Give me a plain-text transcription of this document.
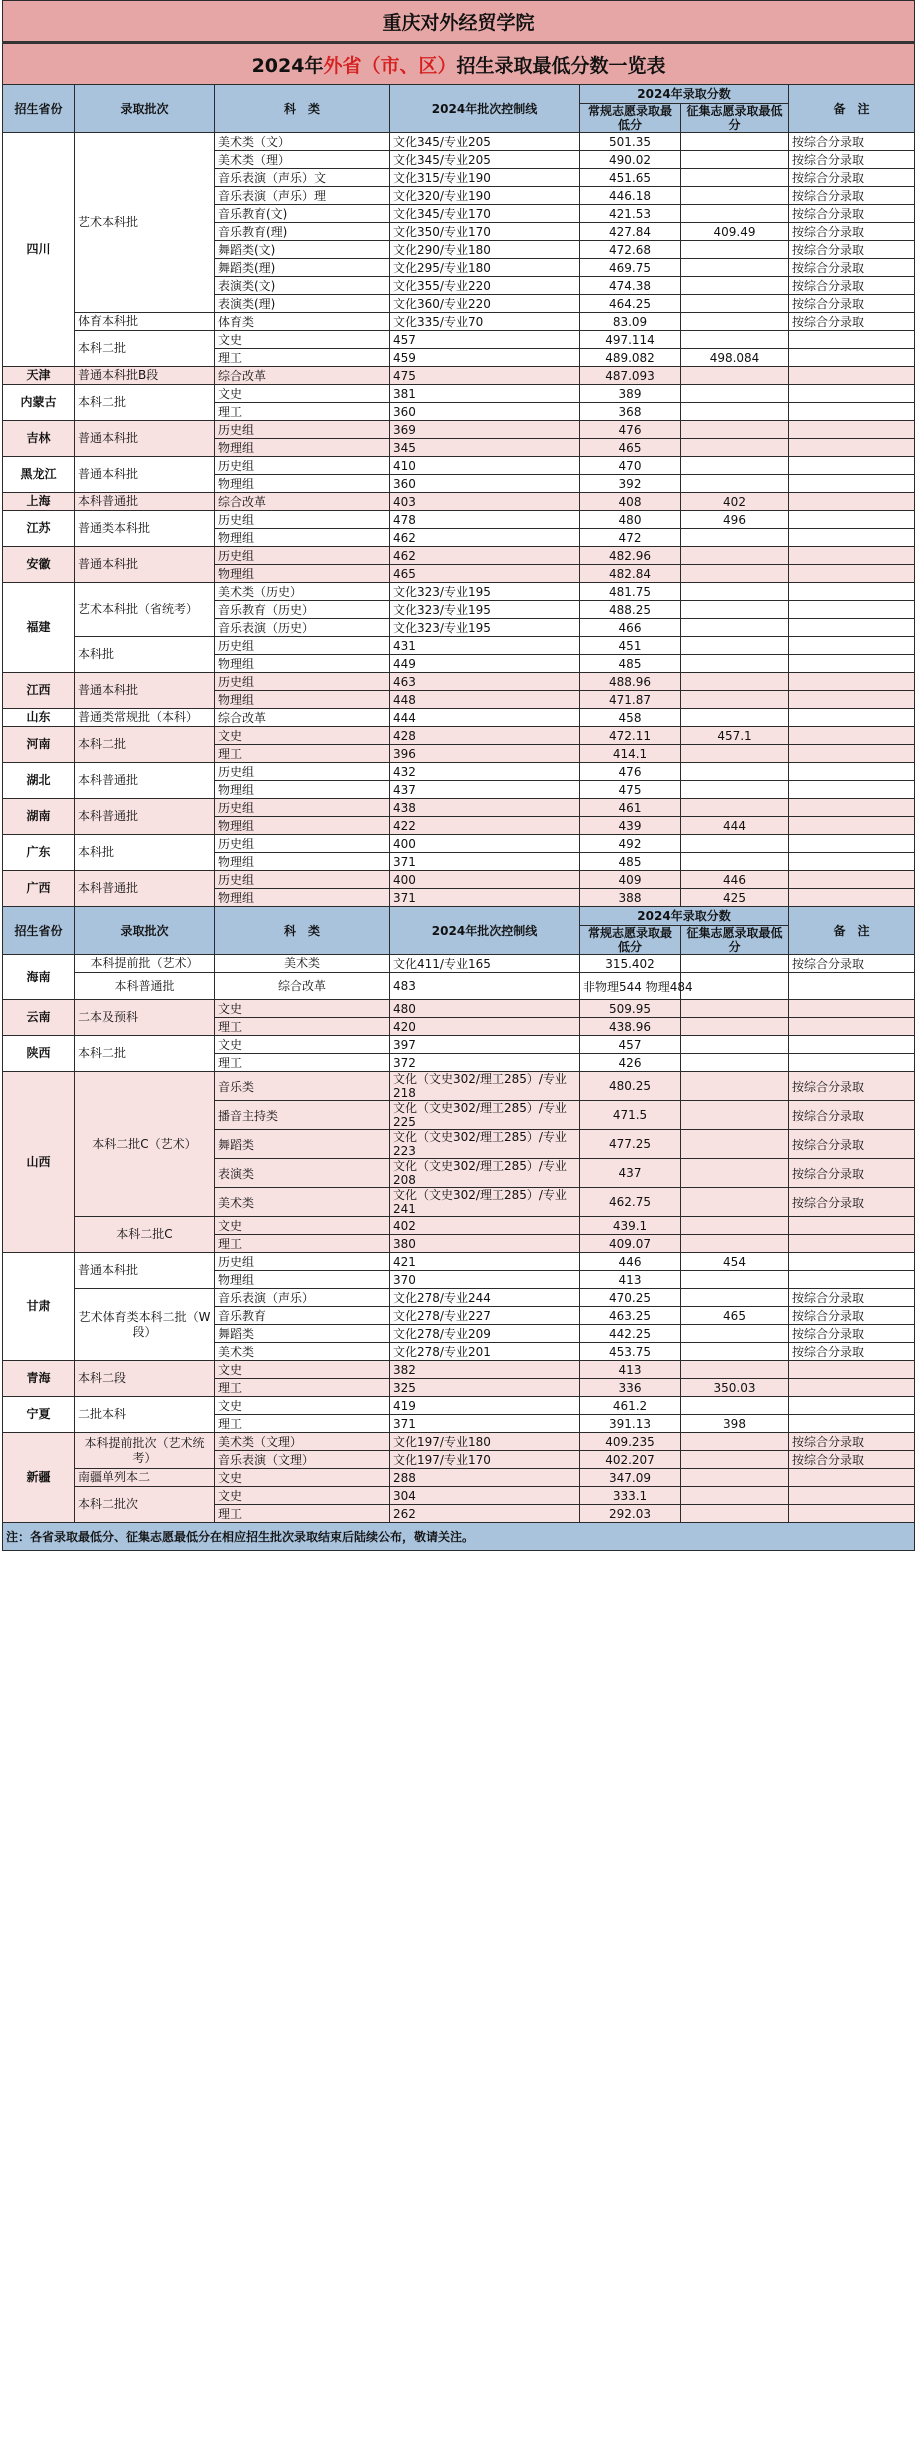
重庆对外经贸学院						
2024年外省（市、区）招生录取最低分数一览表						
招生省份	录取批次	科　类	2024年批次控制线	2024年录取分数		备　注
				常规志愿录取最低分	征集志愿录取最低分	
四川	艺术本科批	美术类（文）	文化345/专业205	501.35		按综合分录取
		美术类（理）	文化345/专业205	490.02		按综合分录取
		音乐表演（声乐）文	文化315/专业190	451.65		按综合分录取
		音乐表演（声乐）理	文化320/专业190	446.18		按综合分录取
		音乐教育(文)	文化345/专业170	421.53		按综合分录取
		音乐教育(理)	文化350/专业170	427.84	409.49	按综合分录取
		舞蹈类(文)	文化290/专业180	472.68		按综合分录取
		舞蹈类(理)	文化295/专业180	469.75		按综合分录取
		表演类(文)	文化355/专业220	474.38		按综合分录取
		表演类(理)	文化360/专业220	464.25		按综合分录取
	体育本科批	体育类	文化335/专业70	83.09		按综合分录取
	本科二批	文史	457	497.114		
		理工	459	489.082	498.084	
天津	普通本科批B段	综合改革	475	487.093		
内蒙古	本科二批	文史	381	389		
		理工	360	368		
吉林	普通本科批	历史组	369	476		
		物理组	345	465		
黑龙江	普通本科批	历史组	410	470		
		物理组	360	392		
上海	本科普通批	综合改革	403	408	402	
江苏	普通类本科批	历史组	478	480	496	
		物理组	462	472		
安徽	普通本科批	历史组	462	482.96		
		物理组	465	482.84		
福建	艺术本科批（省统考）	美术类（历史）	文化323/专业195	481.75		
		音乐教育（历史）	文化323/专业195	488.25		
		音乐表演（历史）	文化323/专业195	466		
	本科批	历史组	431	451		
		物理组	449	485		
江西	普通本科批	历史组	463	488.96		
		物理组	448	471.87		
山东	普通类常规批（本科）	综合改革	444	458		
河南	本科二批	文史	428	472.11	457.1	
		理工	396	414.1		
湖北	本科普通批	历史组	432	476		
		物理组	437	475		
湖南	本科普通批	历史组	438	461		
		物理组	422	439	444	
广东	本科批	历史组	400	492		
		物理组	371	485		
广西	本科普通批	历史组	400	409	446	
		物理组	371	388	425	
招生省份	录取批次	科　类	2024年批次控制线	2024年录取分数		备　注
				常规志愿录取最低分	征集志愿录取最低分	
海南	本科提前批（艺术）	美术类	文化411/专业165	315.402		按综合分录取
	本科普通批	综合改革	483	非物理544 物理484		
云南	二本及预科	文史	480	509.95		
		理工	420	438.96		
陕西	本科二批	文史	397	457		
		理工	372	426		
山西	本科二批C（艺术）	音乐类	文化（文史302/理工285）/专业218	480.25		按综合分录取
		播音主持类	文化（文史302/理工285）/专业225	471.5		按综合分录取
		舞蹈类	文化（文史302/理工285）/专业223	477.25		按综合分录取
		表演类	文化（文史302/理工285）/专业208	437		按综合分录取
		美术类	文化（文史302/理工285）/专业241	462.75		按综合分录取
	本科二批C	文史	402	439.1		
		理工	380	409.07		
甘肃	普通本科批	历史组	421	446	454	
		物理组	370	413		
	艺术体育类本科二批（W段）	音乐表演（声乐）	文化278/专业244	470.25		按综合分录取
		音乐教育	文化278/专业227	463.25	465	按综合分录取
		舞蹈类	文化278/专业209	442.25		按综合分录取
		美术类	文化278/专业201	453.75		按综合分录取
青海	本科二段	文史	382	413		
		理工	325	336	350.03	
宁夏	二批本科	文史	419	461.2		
		理工	371	391.13	398	
新疆	本科提前批次（艺术统考）	美术类（文理）	文化197/专业180	409.235		按综合分录取
		音乐表演（文理）	文化197/专业170	402.207		按综合分录取
	南疆单列本二	文史	288	347.09		
	本科二批次	文史	304	333.1		
		理工	262	292.03		
注：各省录取最低分、征集志愿最低分在相应招生批次录取结束后陆续公布，敬请关注。						
